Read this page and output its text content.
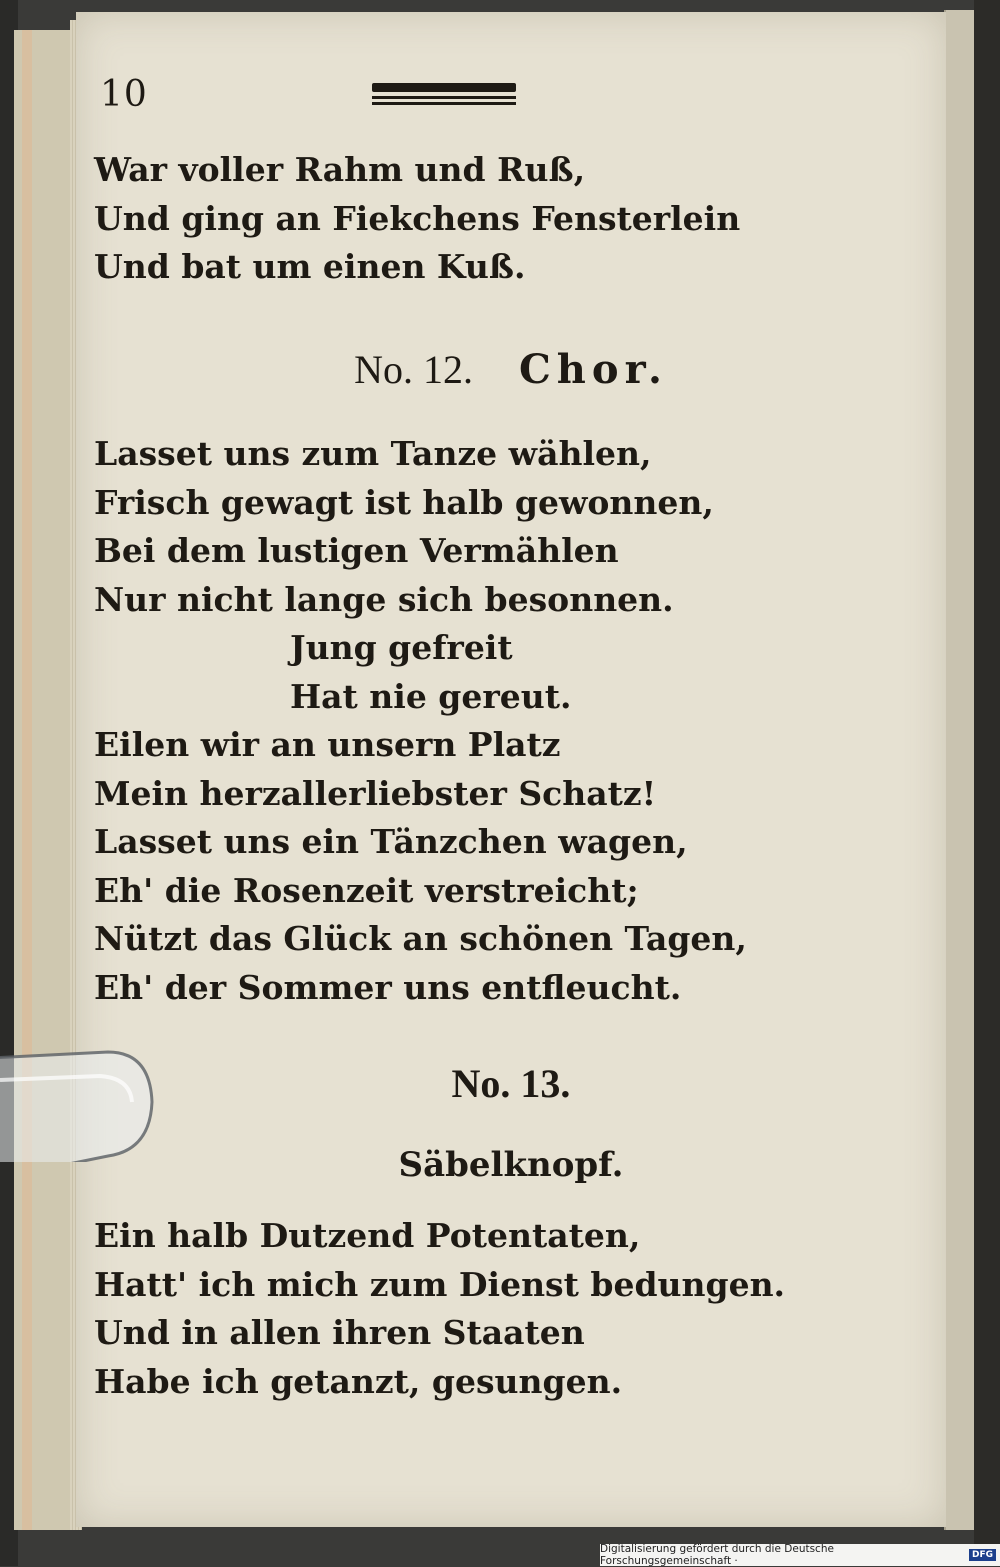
10
War voller Rahm und Ruß,
Und ging an Fiekchens Fensterlein
Und bat um einen Kuß.
No. 12. Chor.
Lasset uns zum Tanze wählen,
Frisch gewagt ist halb gewonnen,
Bei dem lustigen Vermählen
Nur nicht lange sich besonnen.
Jung gefreit
Hat nie gereut.
Eilen wir an unsern Platz
Mein herzallerliebster Schatz!
Lasset uns ein Tänzchen wagen,
Eh' die Rosenzeit verstreicht;
Nützt das Glück an schönen Tagen,
Eh' der Sommer uns entfleucht.
No. 13.
Säbelknopf.
Ein halb Dutzend Potentaten,
Hatt' ich mich zum Dienst bedungen.
Und in allen ihren Staaten
Habe ich getanzt, gesungen.
Digitalisierung gefördert durch die Deutsche Forschungsgemeinschaft ·	DFG
